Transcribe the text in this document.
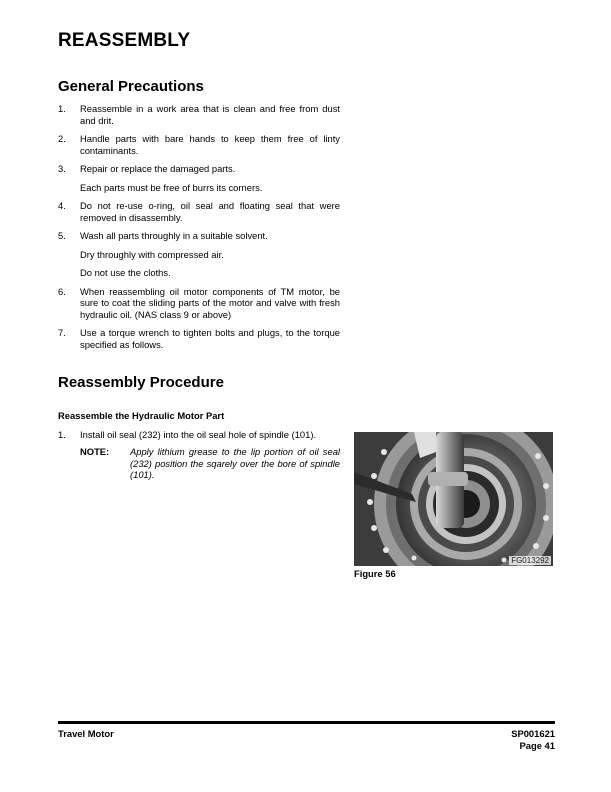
REASSEMBLY
General Precautions
1. Reassemble in a work area that is clean and free from dust and drit.
2. Handle parts with bare hands to keep them free of linty contaminants.
3. Repair or replace the damaged parts.
Each parts must be free of burrs its corners.
4. Do not re-use o-ring, oil seal and floating seal that were removed in disassembly.
5. Wash all parts throughly in a suitable solvent.
Dry throughly with compressed air.
Do not use the cloths.
6. When reassembling oil motor components of TM motor, be sure to coat the sliding parts of the motor and valve with fresh hydraulic oil. (NAS class 9 or above)
7. Use a torque wrench to tighten bolts and plugs, to the torque specified as follows.
Reassembly Procedure
Reassemble the Hydraulic Motor Part
1. Install oil seal (232) into the oil seal hole of spindle (101).
NOTE: Apply lithium grease to the lip portion of oil seal (232) position the sqarely over the bore of spindle (101).
FG013292
Figure 56
Travel Motor	SP001621
Page 41
